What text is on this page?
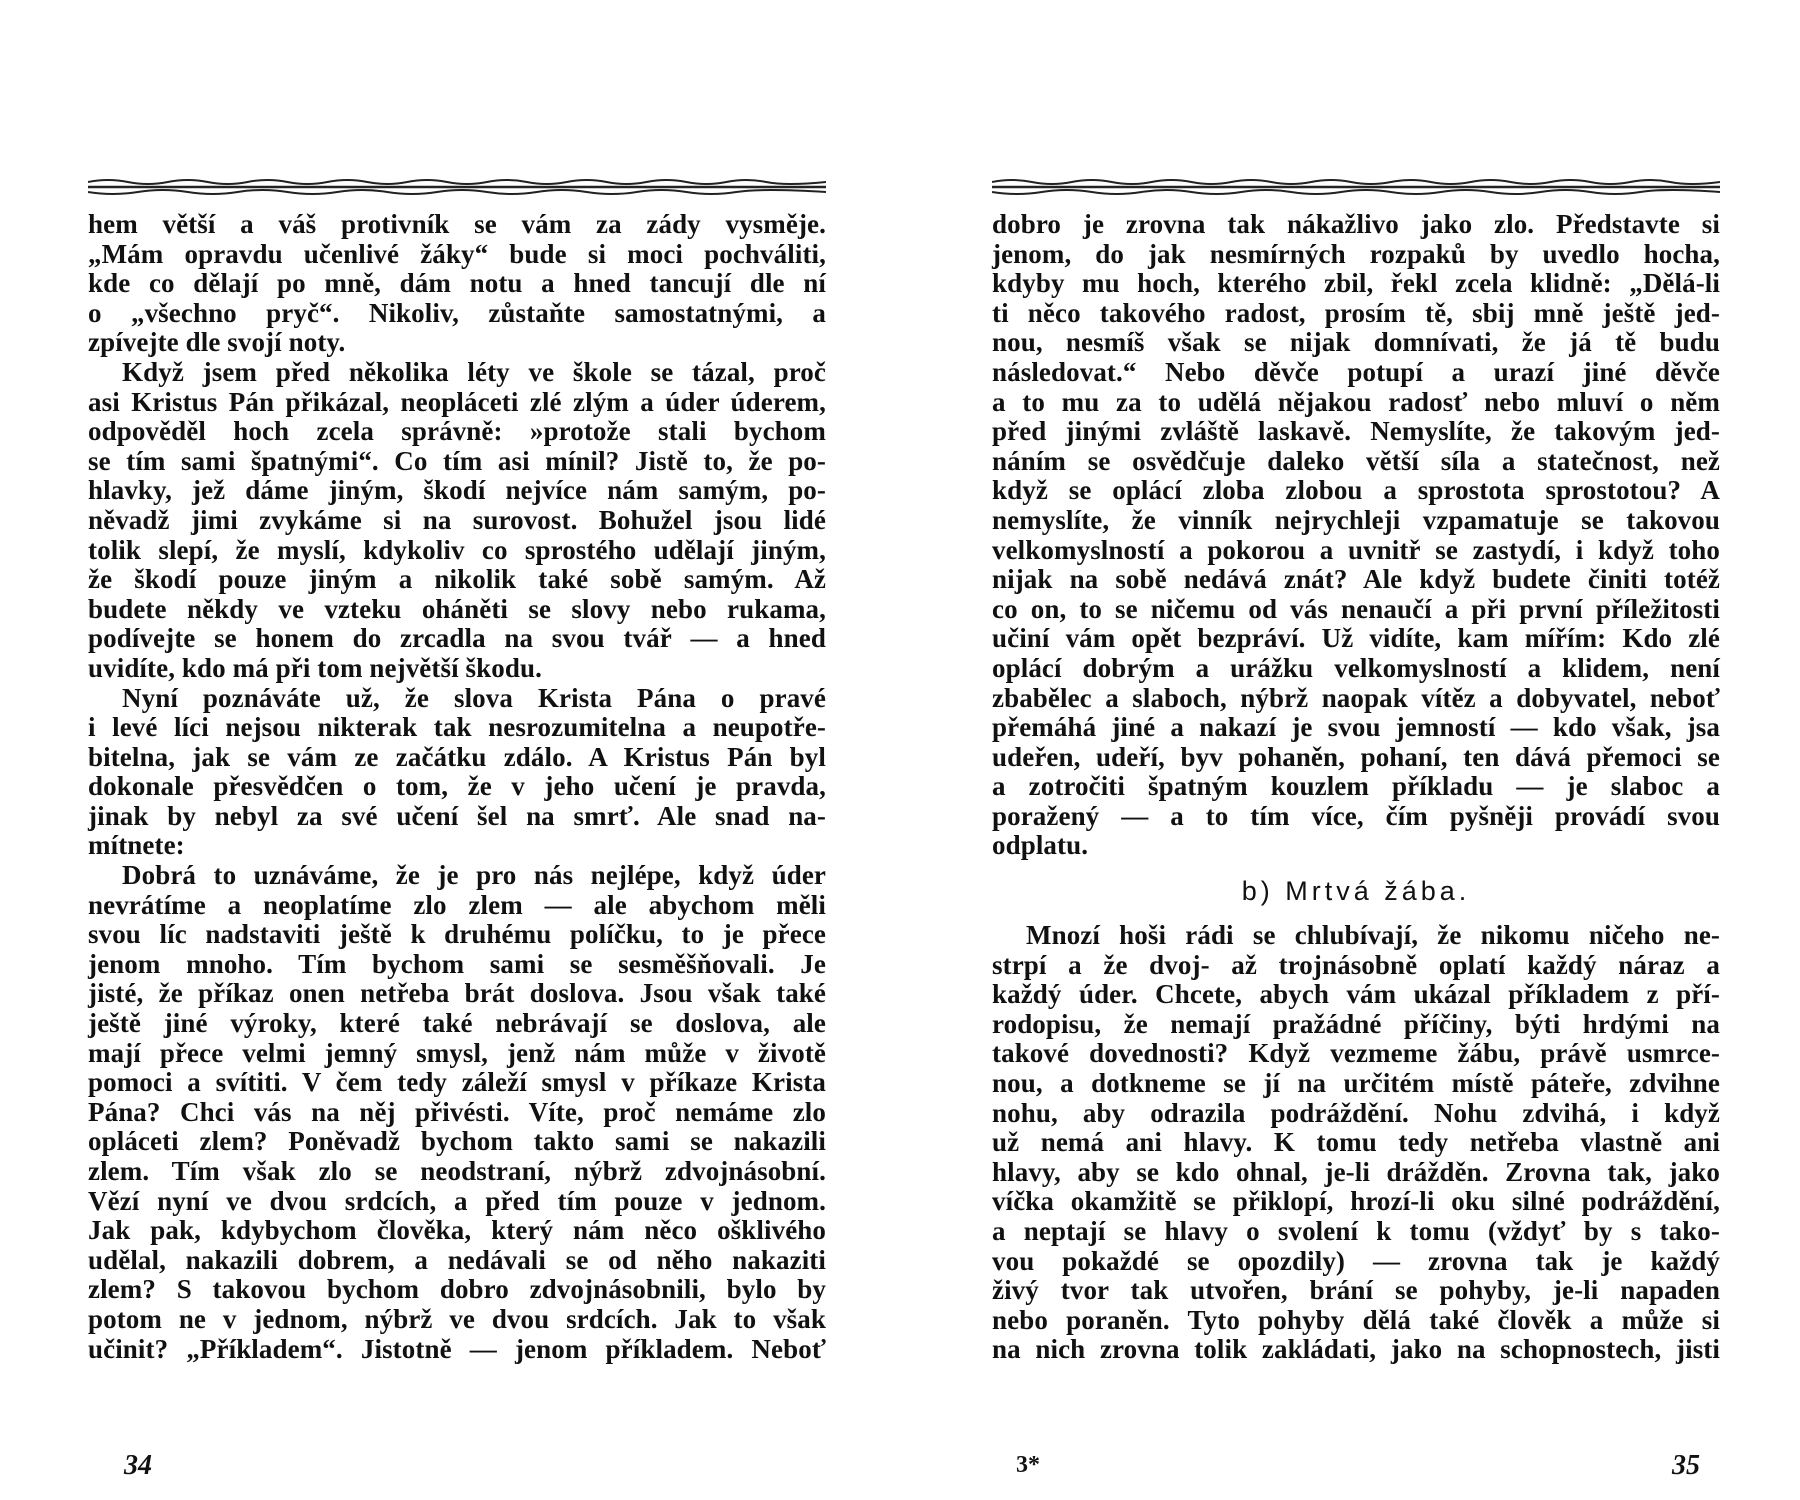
hem větší a váš protivník se vám za zády vysměje.
„Mám opravdu učenlivé žáky“ bude si moci pochváliti,
kde co dělají po mně, dám notu a hned tancují dle ní
o „všechno pryč“. Nikoliv, zůstaňte samostatnými, a
zpívejte dle svojí noty.
Když jsem před několika léty ve škole se tázal, proč
asi Kristus Pán přikázal, neopláceti zlé zlým a úder úderem,
odpověděl hoch zcela správně: »protože stali bychom
se tím sami špatnými“. Co tím asi mínil? Jistě to, že po-
hlavky, jež dáme jiným, škodí nejvíce nám samým, po-
něvadž jimi zvykáme si na surovost. Bohužel jsou lidé
tolik slepí, že myslí, kdykoliv co sprostého udělají jiným,
že škodí pouze jiným a nikolik také sobě samým. Až
budete někdy ve vzteku oháněti se slovy nebo rukama,
podívejte se honem do zrcadla na svou tvář — a hned
uvidíte, kdo má při tom největší škodu.
Nyní poznáváte už, že slova Krista Pána o pravé
i levé líci nejsou nikterak tak nesrozumitelna a neupotře-
bitelna, jak se vám ze začátku zdálo. A Kristus Pán byl
dokonale přesvědčen o tom, že v jeho učení je pravda,
jinak by nebyl za své učení šel na smrť. Ale snad na-
mítnete:
Dobrá to uznáváme, že je pro nás nejlépe, když úder
nevrátíme a neoplatíme zlo zlem — ale abychom měli
svou líc nadstaviti ještě k druhému políčku, to je přece
jenom mnoho. Tím bychom sami se sesměšňovali. Je
jisté, že příkaz onen netřeba brát doslova. Jsou však také
ještě jiné výroky, které také nebrávají se doslova, ale
mají přece velmi jemný smysl, jenž nám může v životě
pomoci a svítiti. V čem tedy záleží smysl v příkaze Krista
Pána? Chci vás na něj přivésti. Víte, proč nemáme zlo
opláceti zlem? Poněvadž bychom takto sami se nakazili
zlem. Tím však zlo se neodstraní, nýbrž zdvojnásobní.
Vězí nyní ve dvou srdcích, a před tím pouze v jednom.
Jak pak, kdybychom člověka, který nám něco ošklivého
udělal, nakazili dobrem, a nedávali se od něho nakaziti
zlem? S takovou bychom dobro zdvojnásobnili, bylo by
potom ne v jednom, nýbrž ve dvou srdcích. Jak to však
učinit? „Příkladem“. Jistotně — jenom příkladem. Neboť
34
dobro je zrovna tak nákažlivo jako zlo. Představte si
jenom, do jak nesmírných rozpaků by uvedlo hocha,
kdyby mu hoch, kterého zbil, řekl zcela klidně: „Dělá-li
ti něco takového radost, prosím tě, sbij mně ještě jed-
nou, nesmíš však se nijak domnívati, že já tě budu
následovat.“ Nebo děvče potupí a urazí jiné děvče
a to mu za to udělá nějakou radosť nebo mluví o něm
před jinými zvláště laskavě. Nemyslíte, že takovým jed-
náním se osvědčuje daleko větší síla a statečnost, než
když se oplácí zloba zlobou a sprostota sprostotou? A
nemyslíte, že vinník nejrychleji vzpamatuje se takovou
velkomyslností a pokorou a uvnitř se zastydí, i když toho
nijak na sobě nedává znát? Ale když budete činiti totéž
co on, to se ničemu od vás nenaučí a při první příležitosti
učiní vám opět bezpráví. Už vidíte, kam mířím: Kdo zlé
oplácí dobrým a urážku velkomyslností a klidem, není
zbabělec a slaboch, nýbrž naopak vítěz a dobyvatel, neboť
přemáhá jiné a nakazí je svou jemností — kdo však, jsa
udeřen, udeří, byv pohaněn, pohaní, ten dává přemoci se
a zotročiti špatným kouzlem příkladu — je slaboc a
poražený — a to tím více, čím pyšněji provádí svou
odplatu.
b) Mrtvá žába.
Mnozí hoši rádi se chlubívají, že nikomu ničeho ne-
strpí a že dvoj- až trojnásobně oplatí každý náraz a
každý úder. Chcete, abych vám ukázal příkladem z pří-
rodopisu, že nemají pražádné příčiny, býti hrdými na
takové dovednosti? Když vezmeme žábu, právě usmrce-
nou, a dotkneme se jí na určitém místě páteře, zdvihne
nohu, aby odrazila podráždění. Nohu zdvihá, i když
už nemá ani hlavy. K tomu tedy netřeba vlastně ani
hlavy, aby se kdo ohnal, je-li drážděn. Zrovna tak, jako
víčka okamžitě se přiklopí, hrozí-li oku silné podráždění,
a neptají se hlavy o svolení k tomu (vždyť by s tako-
vou pokaždé se opozdily) — zrovna tak je každý
živý tvor tak utvořen, brání se pohyby, je-li napaden
nebo poraněn. Tyto pohyby dělá také člověk a může si
na nich zrovna tolik zakládati, jako na schopnostech, jisti
3*	35
